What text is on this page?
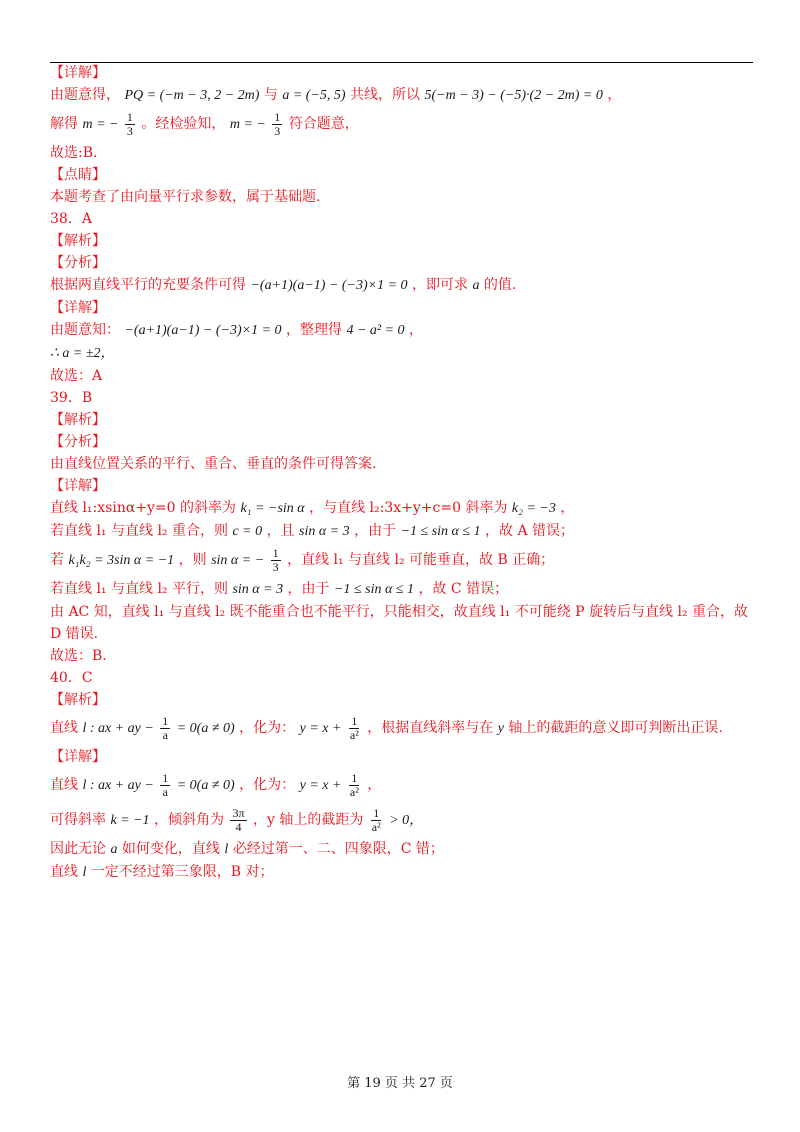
【详解】
由题意得， PQ = (−m − 3, 2 − 2m) 与 a = (−5, 5) 共线，所以 5(−m − 3) − (−5)·(2 − 2m) = 0 ，
解得 m = − $\frac{1}{3}$ 。经检验知， m = − $\frac{1}{3}$ 符合题意，
故选:B.
【点睛】
本题考查了由向量平行求参数，属于基础题.
38．A
【解析】
【分析】
根据两直线平行的充要条件可得 −(a+1)(a−1) − (−3)×1 = 0 ，即可求 a 的值.
【详解】
由题意知： −(a+1)(a−1) − (−3)×1 = 0 ，整理得 4 − a² = 0 ，
∴ a = ±2，
故选：A
39．B
【解析】
【分析】
由直线位置关系的平行、重合、垂直的条件可得答案.
【详解】
直线 l₁:xsinα+y=0 的斜率为 k₁ = −sin α ，与直线 l₂:3x+y+c=0 斜率为 k₂ = −3 ，
若直线 l₁ 与直线 l₂ 重合，则 c = 0 ，且 sin α = 3 ，由于 −1 ≤ sin α ≤ 1 ，故 A 错误；
若 k₁k₂ = 3sin α = −1 ，则 sin α = − $\frac{1}{3}$ ，直线 l₁ 与直线 l₂ 可能垂直，故 B 正确；
若直线 l₁ 与直线 l₂ 平行，则 sin α = 3 ，由于 −1 ≤ sin α ≤ 1 ，故 C 错误；
由 AC 知，直线 l₁ 与直线 l₂ 既不能重合也不能平行，只能相交，故直线 l₁ 不可能绕 P 旋转后与直线 l₂ 重合，故
D 错误.
故选：B.
40．C
【解析】
直线 l : ax + ay − $\frac{1}{a} = 0(a \ne 0)$ ，化为： $y = x + \frac{1}{\text{a²}}$ ，根据直线斜率与在 y 轴上的截距的意义即可判断出正误.
【详解】
直线 l : ax + ay − $\frac{1}{a} = 0(a \ne 0)$ ，化为： $y = x + \frac{1}{\text{a²}}$ ，
可得斜率 k = −1 ，倾斜角为 $\frac{3\pi}{4}$ ，y 轴上的截距为 $\frac{1}{\text{a²}} > 0$，
因此无论 a 如何变化，直线 l 必经过第一、二、四象限，C 错；
直线 l 一定不经过第三象限，B 对；
第 19 页 共 27 页
